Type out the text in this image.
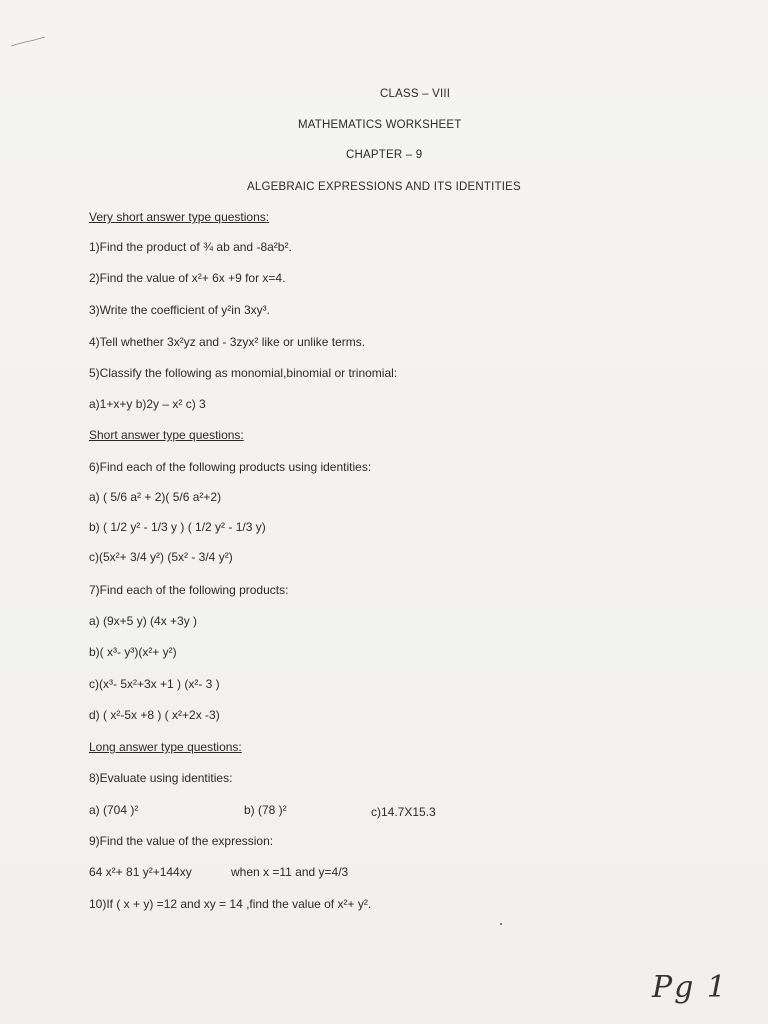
CLASS – VIII
MATHEMATICS WORKSHEET
CHAPTER – 9
ALGEBRAIC EXPRESSIONS AND ITS IDENTITIES
Very short answer type questions:
1)Find the product of ¾ ab and -8a²b².
2)Find the value of x²+ 6x +9 for x=4.
3)Write the coefficient of y²in 3xy³.
4)Tell whether 3x²yz and - 3zyx² like or unlike terms.
5)Classify the following as monomial,binomial or trinomial:
a)1+x+y b)2y – x² c) 3
Short answer type questions:
6)Find each of the following products using identities:
a) ( 5/6 a² + 2)( 5/6 a²+2)
b) ( 1/2 y² - 1/3 y ) ( 1/2 y² - 1/3 y)
c)(5x²+ 3/4 y²) (5x² - 3/4 y²)
7)Find each of the following products:
a) (9x+5 y) (4x +3y )
b)( x³- y³)(x²+ y²)
c)(x³- 5x²+3x +1 ) (x²- 3 )
d) ( x²-5x +8 ) ( x²+2x -3)
Long answer type questions:
8)Evaluate using identities:
a) (704 )²	b) (78 )²	c)14.7X15.3
9)Find the value of the expression:
64 x²+ 81 y²+144xy	when x =11 and y=4/3
10)If ( x + y) =12 and xy = 14 ,find the value of x²+ y².
Pg 1
